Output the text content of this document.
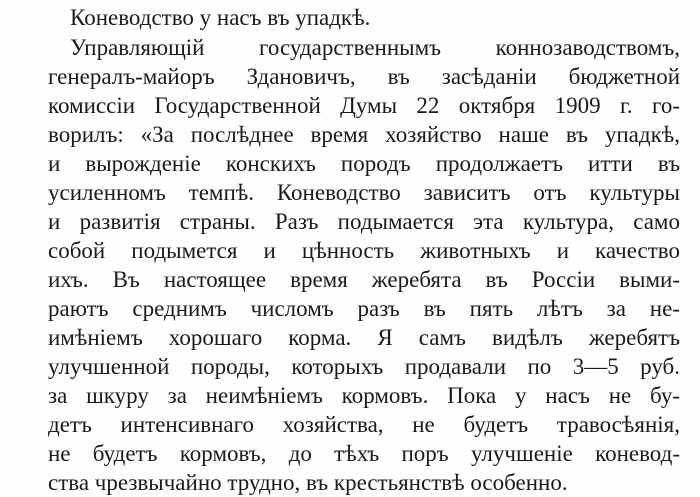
Коневодство у насъ въ упадкѣ.
Управляющій государственнымъ коннозаводствомъ,
генералъ-майоръ Здановичъ, въ засѣданіи бюджетной
комиссіи Государственной Думы 22 октября 1909 г. го-
ворилъ: «За послѣднее время хозяйство наше въ упадкѣ,
и вырожденіе конскихъ породъ продолжаетъ итти въ
усиленномъ темпѣ. Коневодство зависитъ отъ культуры
и развитія страны. Разъ подымается эта культура, само
собой подымется и цѣнность животныхъ и качество
ихъ. Въ настоящее время жеребята въ Россіи выми-
раютъ среднимъ числомъ разъ въ пять лѣтъ за не-
имѣніемъ хорошаго корма. Я самъ видѣлъ жеребятъ
улучшенной породы, которыхъ продавали по 3—5 руб.
за шкуру за неимѣніемъ кормовъ. Пока у насъ не бу-
детъ интенсивнаго хозяйства, не будетъ травосѣянія,
не будетъ кормовъ, до тѣхъ поръ улучшеніе коневод-
ства чрезвычайно трудно, въ крестьянствѣ особенно.
